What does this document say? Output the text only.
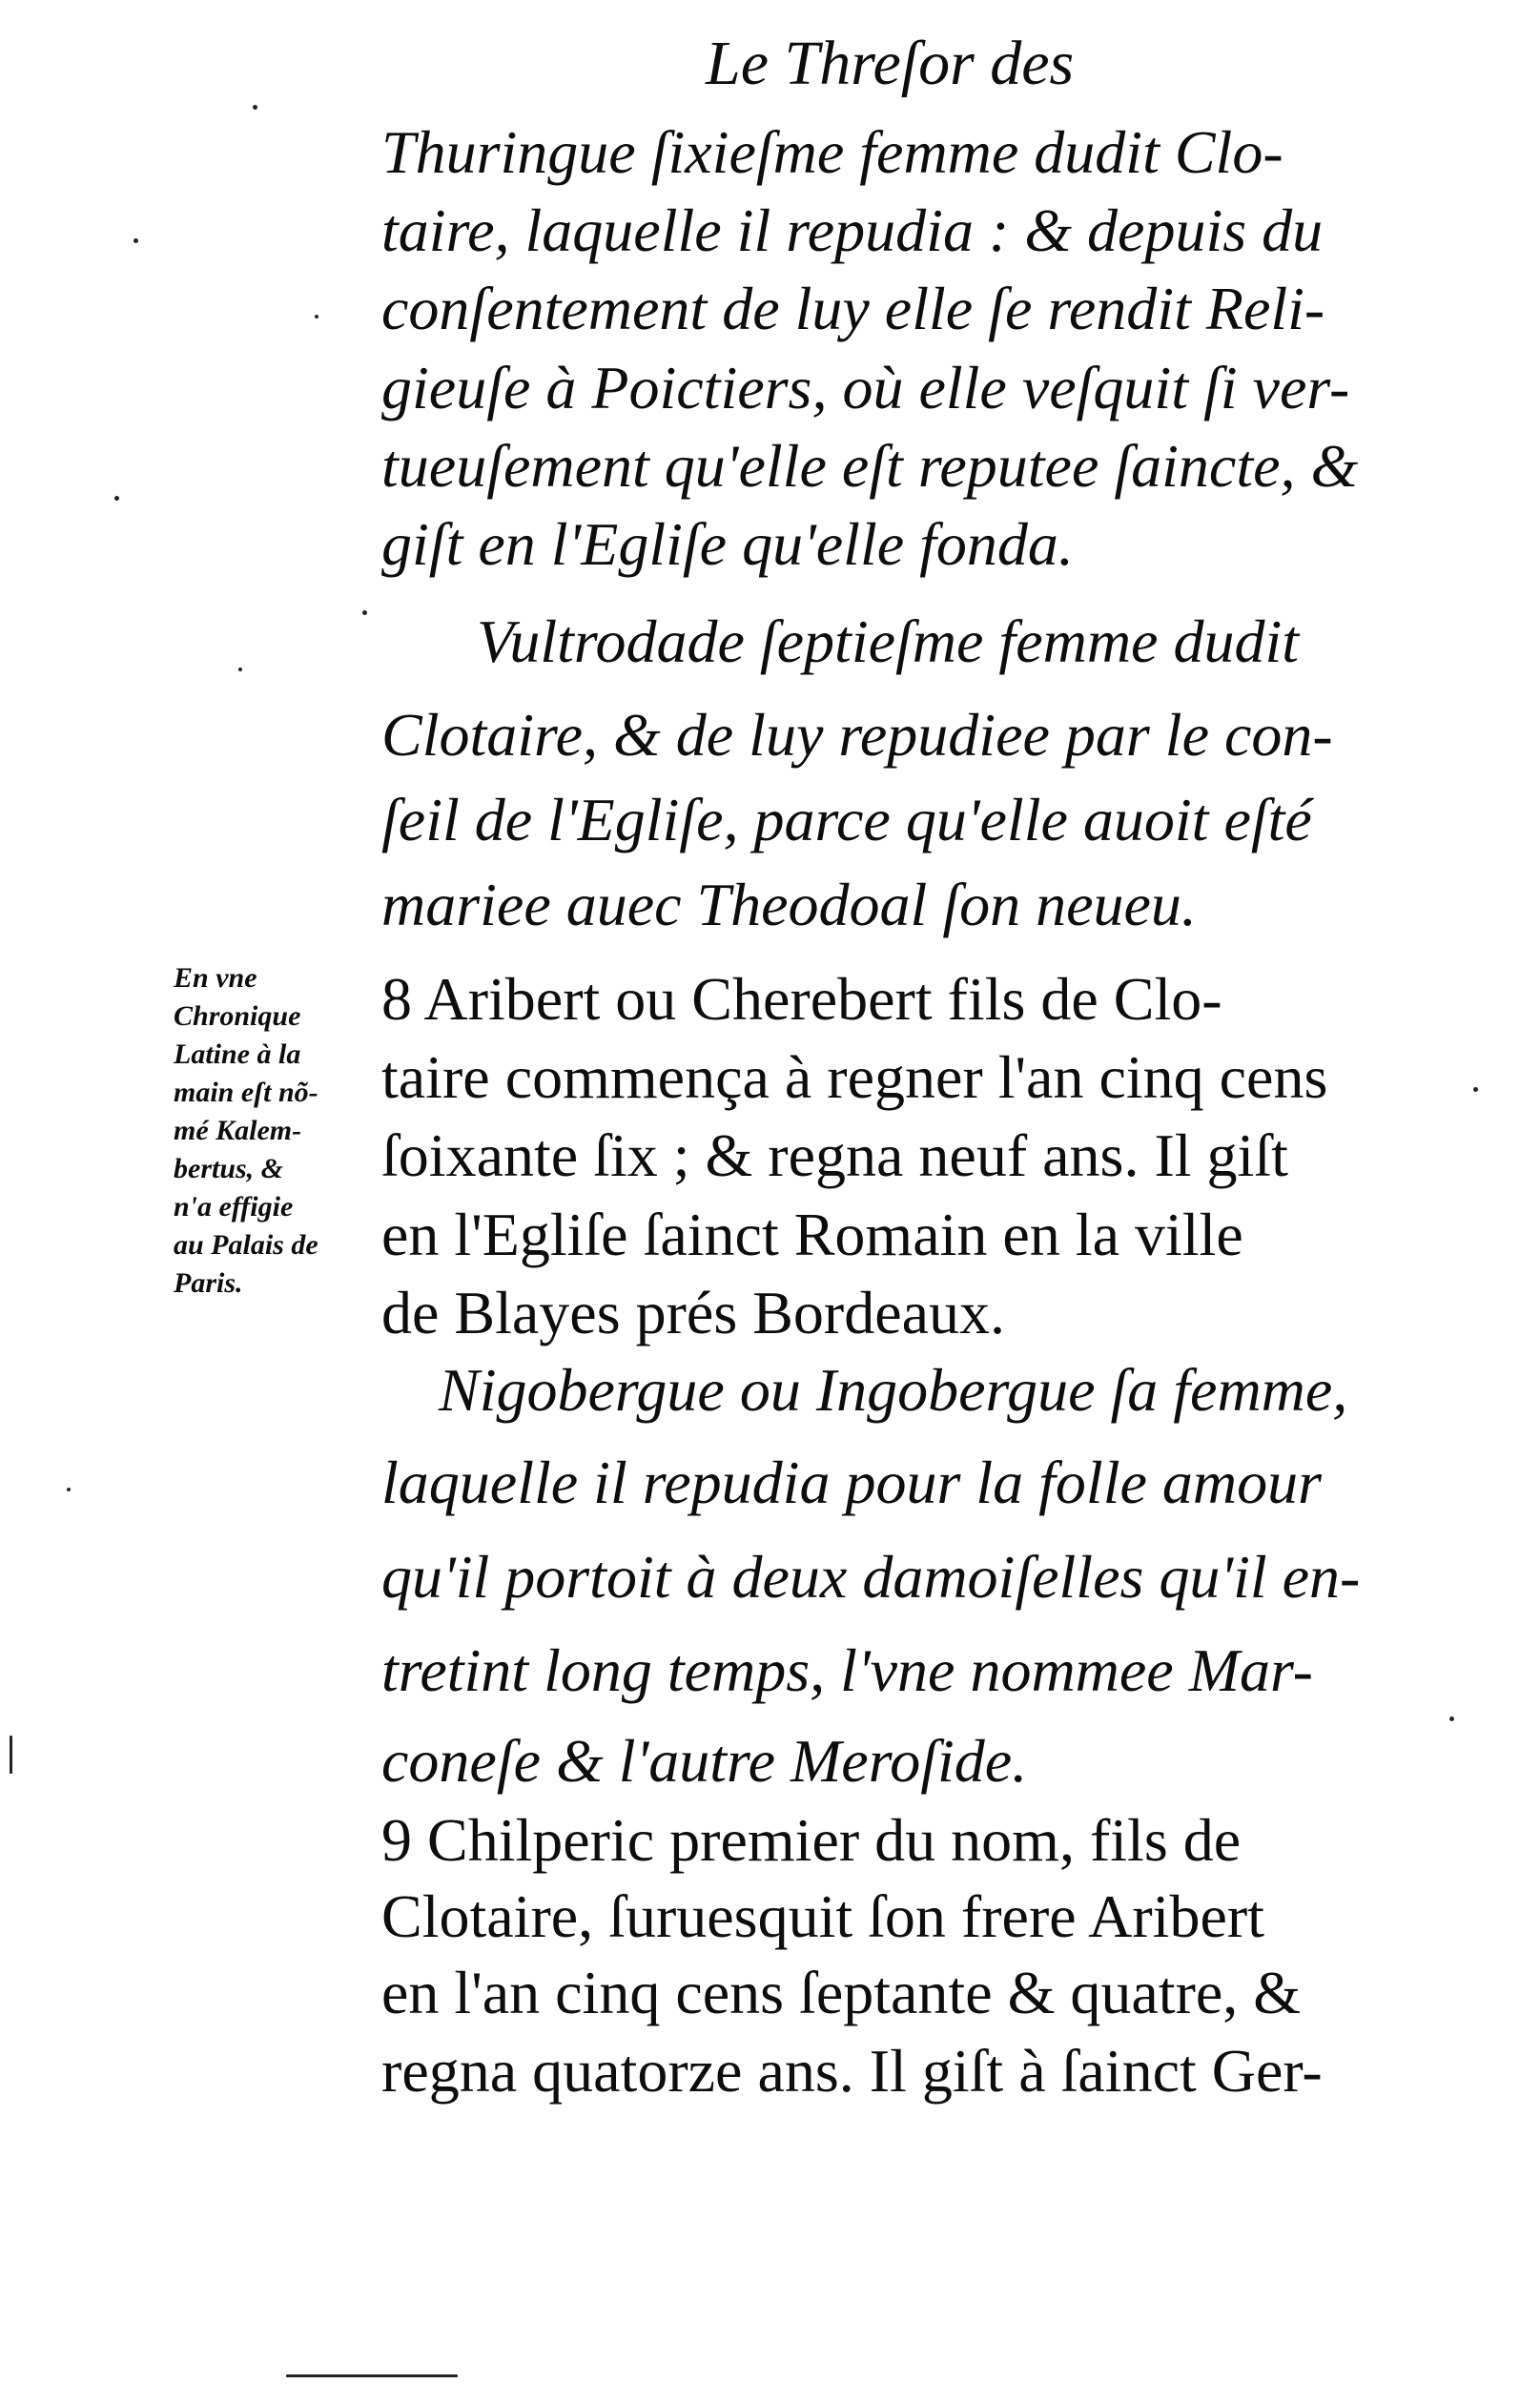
Le Threſor des
Thuringue ſixieſme femme dudit Clo-
taire, laquelle il repudia : & depuis du
conſentement de luy elle ſe rendit Reli-
gieuſe à Poictiers, où elle veſquit ſi ver-
tueuſement qu'elle eſt reputee ſaincte, &
giſt en l'Egliſe qu'elle fonda.
Vultrodade ſeptieſme femme dudit
Clotaire, & de luy repudiee par le con-
ſeil de l'Egliſe, parce qu'elle auoit eſté
mariee auec Theodoal ſon neueu.
8 Aribert ou Cherebert fils de Clo-
taire commença à regner l'an cinq cens
ſoixante ſix ; & regna neuf ans. Il giſt
en l'Egliſe ſainct Romain en la ville
de Blayes prés Bordeaux.
Nigobergue ou Ingobergue ſa femme,
laquelle il repudia pour la folle amour
qu'il portoit à deux damoiſelles qu'il en-
tretint long temps, l'vne nommee Mar-
coneſe & l'autre Meroſide.
9 Chilperic premier du nom, fils de
Clotaire, ſuruesquit ſon frere Aribert
en l'an cinq cens ſeptante & quatre, &
regna quatorze ans. Il giſt à ſainct Ger-
En vne
Chronique
Latine à la
main eſt nõ-
mé Kalem-
bertus, &
n'a effigie
au Palais de
Paris.
